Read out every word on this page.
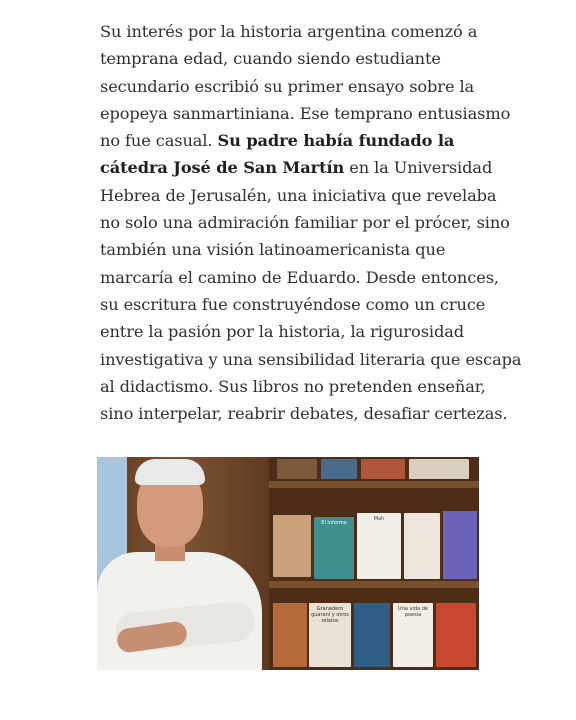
Su interés por la historia argentina comenzó a
temprana edad, cuando siendo estudiante
secundario escribió su primer ensayo sobre la
epopeya sanmartiniana. Ese temprano entusiasmo
no fue casual. Su padre había fundado la
cátedra José de San Martín en la Universidad
Hebrea de Jerusalén, una iniciativa que revelaba
no solo una admiración familiar por el prócer, sino
también una visión latinoamericanista que
marcaría el camino de Eduardo. Desde entonces,
su escritura fue construyéndose como un cruce
entre la pasión por la historia, la rigurosidad
investigativa y una sensibilidad literaria que escapa
al didactismo. Sus libros no pretenden enseñar,
sino interpelar, reabrir debates, desafiar certezas.
El informe
Mah
Granadero guaraní y otros relatos
Una vida de poesía
